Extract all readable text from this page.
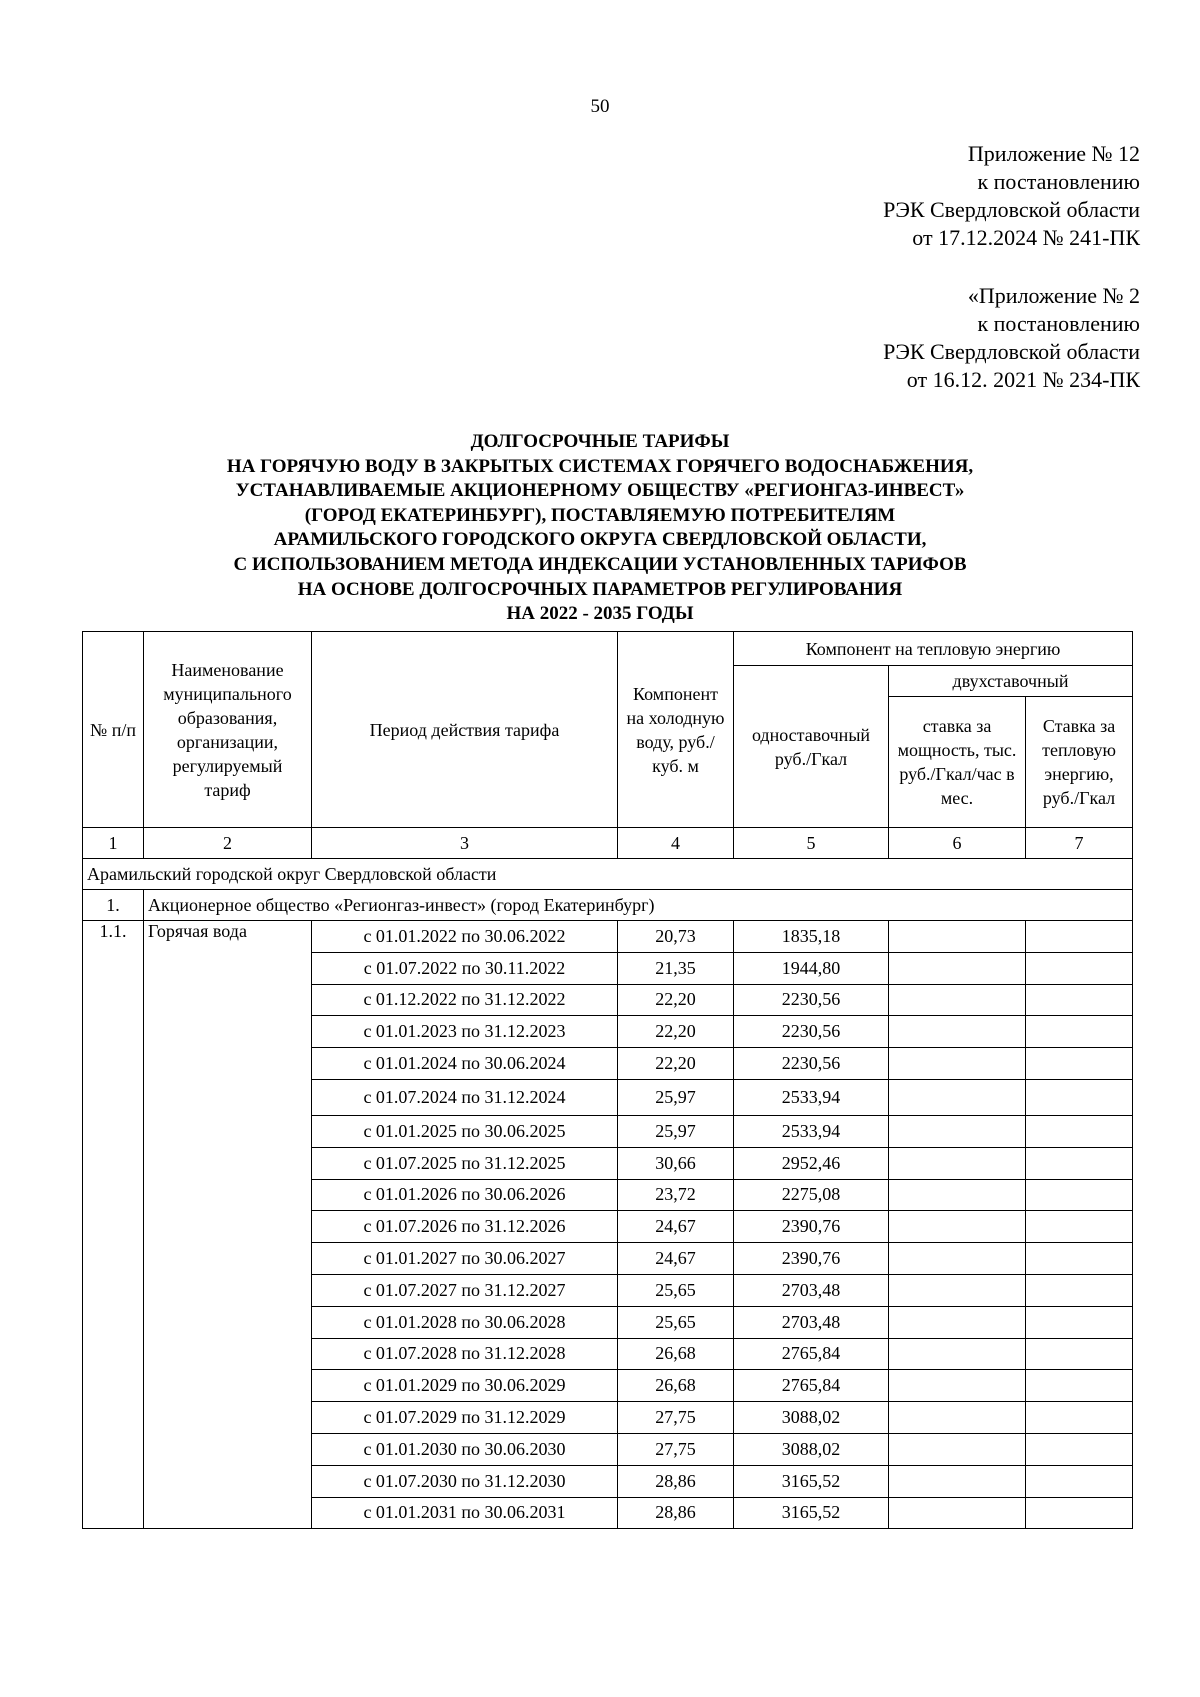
50
Приложение № 12
к постановлению
РЭК Свердловской области
от 17.12.2024 № 241-ПК
«Приложение № 2
к постановлению
РЭК Свердловской области
от 16.12. 2021 № 234-ПК
ДОЛГОСРОЧНЫЕ ТАРИФЫ
НА ГОРЯЧУЮ ВОДУ В ЗАКРЫТЫХ СИСТЕМАХ ГОРЯЧЕГО ВОДОСНАБЖЕНИЯ,
УСТАНАВЛИВАЕМЫЕ АКЦИОНЕРНОМУ ОБЩЕСТВУ «РЕГИОНГАЗ-ИНВЕСТ»
(ГОРОД ЕКАТЕРИНБУРГ), ПОСТАВЛЯЕМУЮ ПОТРЕБИТЕЛЯМ
АРАМИЛЬСКОГО ГОРОДСКОГО ОКРУГА СВЕРДЛОВСКОЙ ОБЛАСТИ,
С ИСПОЛЬЗОВАНИЕМ МЕТОДА ИНДЕКСАЦИИ УСТАНОВЛЕННЫХ ТАРИФОВ
НА ОСНОВЕ ДОЛГОСРОЧНЫХ ПАРАМЕТРОВ РЕГУЛИРОВАНИЯ
НА 2022 - 2035 ГОДЫ
№ п/п	Наименование муниципального образования, организации, регулируемый тариф	Период действия тарифа	Компонент на холодную воду, руб./куб. м	Компонент на тепловую энергию		
				одноставочный руб./Гкал	двухставочный	
					ставка за мощность, тыс. руб./Гкал/час в мес.	Ставка за тепловую энергию, руб./Гкал
1	2	3	4	5	6	7
Арамильский городской округ Свердловской области						
1.	Акционерное общество «Регионгаз-инвест» (город Екатеринбург)					
1.1.	Горячая вода	с 01.01.2022 по 30.06.2022	20,73	1835,18		
		с 01.07.2022 по 30.11.2022	21,35	1944,80		
		с 01.12.2022 по 31.12.2022	22,20	2230,56		
		с 01.01.2023 по 31.12.2023	22,20	2230,56		
		с 01.01.2024 по 30.06.2024	22,20	2230,56		
		с 01.07.2024 по 31.12.2024	25,97	2533,94		
		с 01.01.2025 по 30.06.2025	25,97	2533,94		
		с 01.07.2025 по 31.12.2025	30,66	2952,46		
		с 01.01.2026 по 30.06.2026	23,72	2275,08		
		с 01.07.2026 по 31.12.2026	24,67	2390,76		
		с 01.01.2027 по 30.06.2027	24,67	2390,76		
		с 01.07.2027 по 31.12.2027	25,65	2703,48		
		с 01.01.2028 по 30.06.2028	25,65	2703,48		
		с 01.07.2028 по 31.12.2028	26,68	2765,84		
		с 01.01.2029 по 30.06.2029	26,68	2765,84		
		с 01.07.2029 по 31.12.2029	27,75	3088,02		
		с 01.01.2030 по 30.06.2030	27,75	3088,02		
		с 01.07.2030 по 31.12.2030	28,86	3165,52		
		с 01.01.2031 по 30.06.2031	28,86	3165,52		
